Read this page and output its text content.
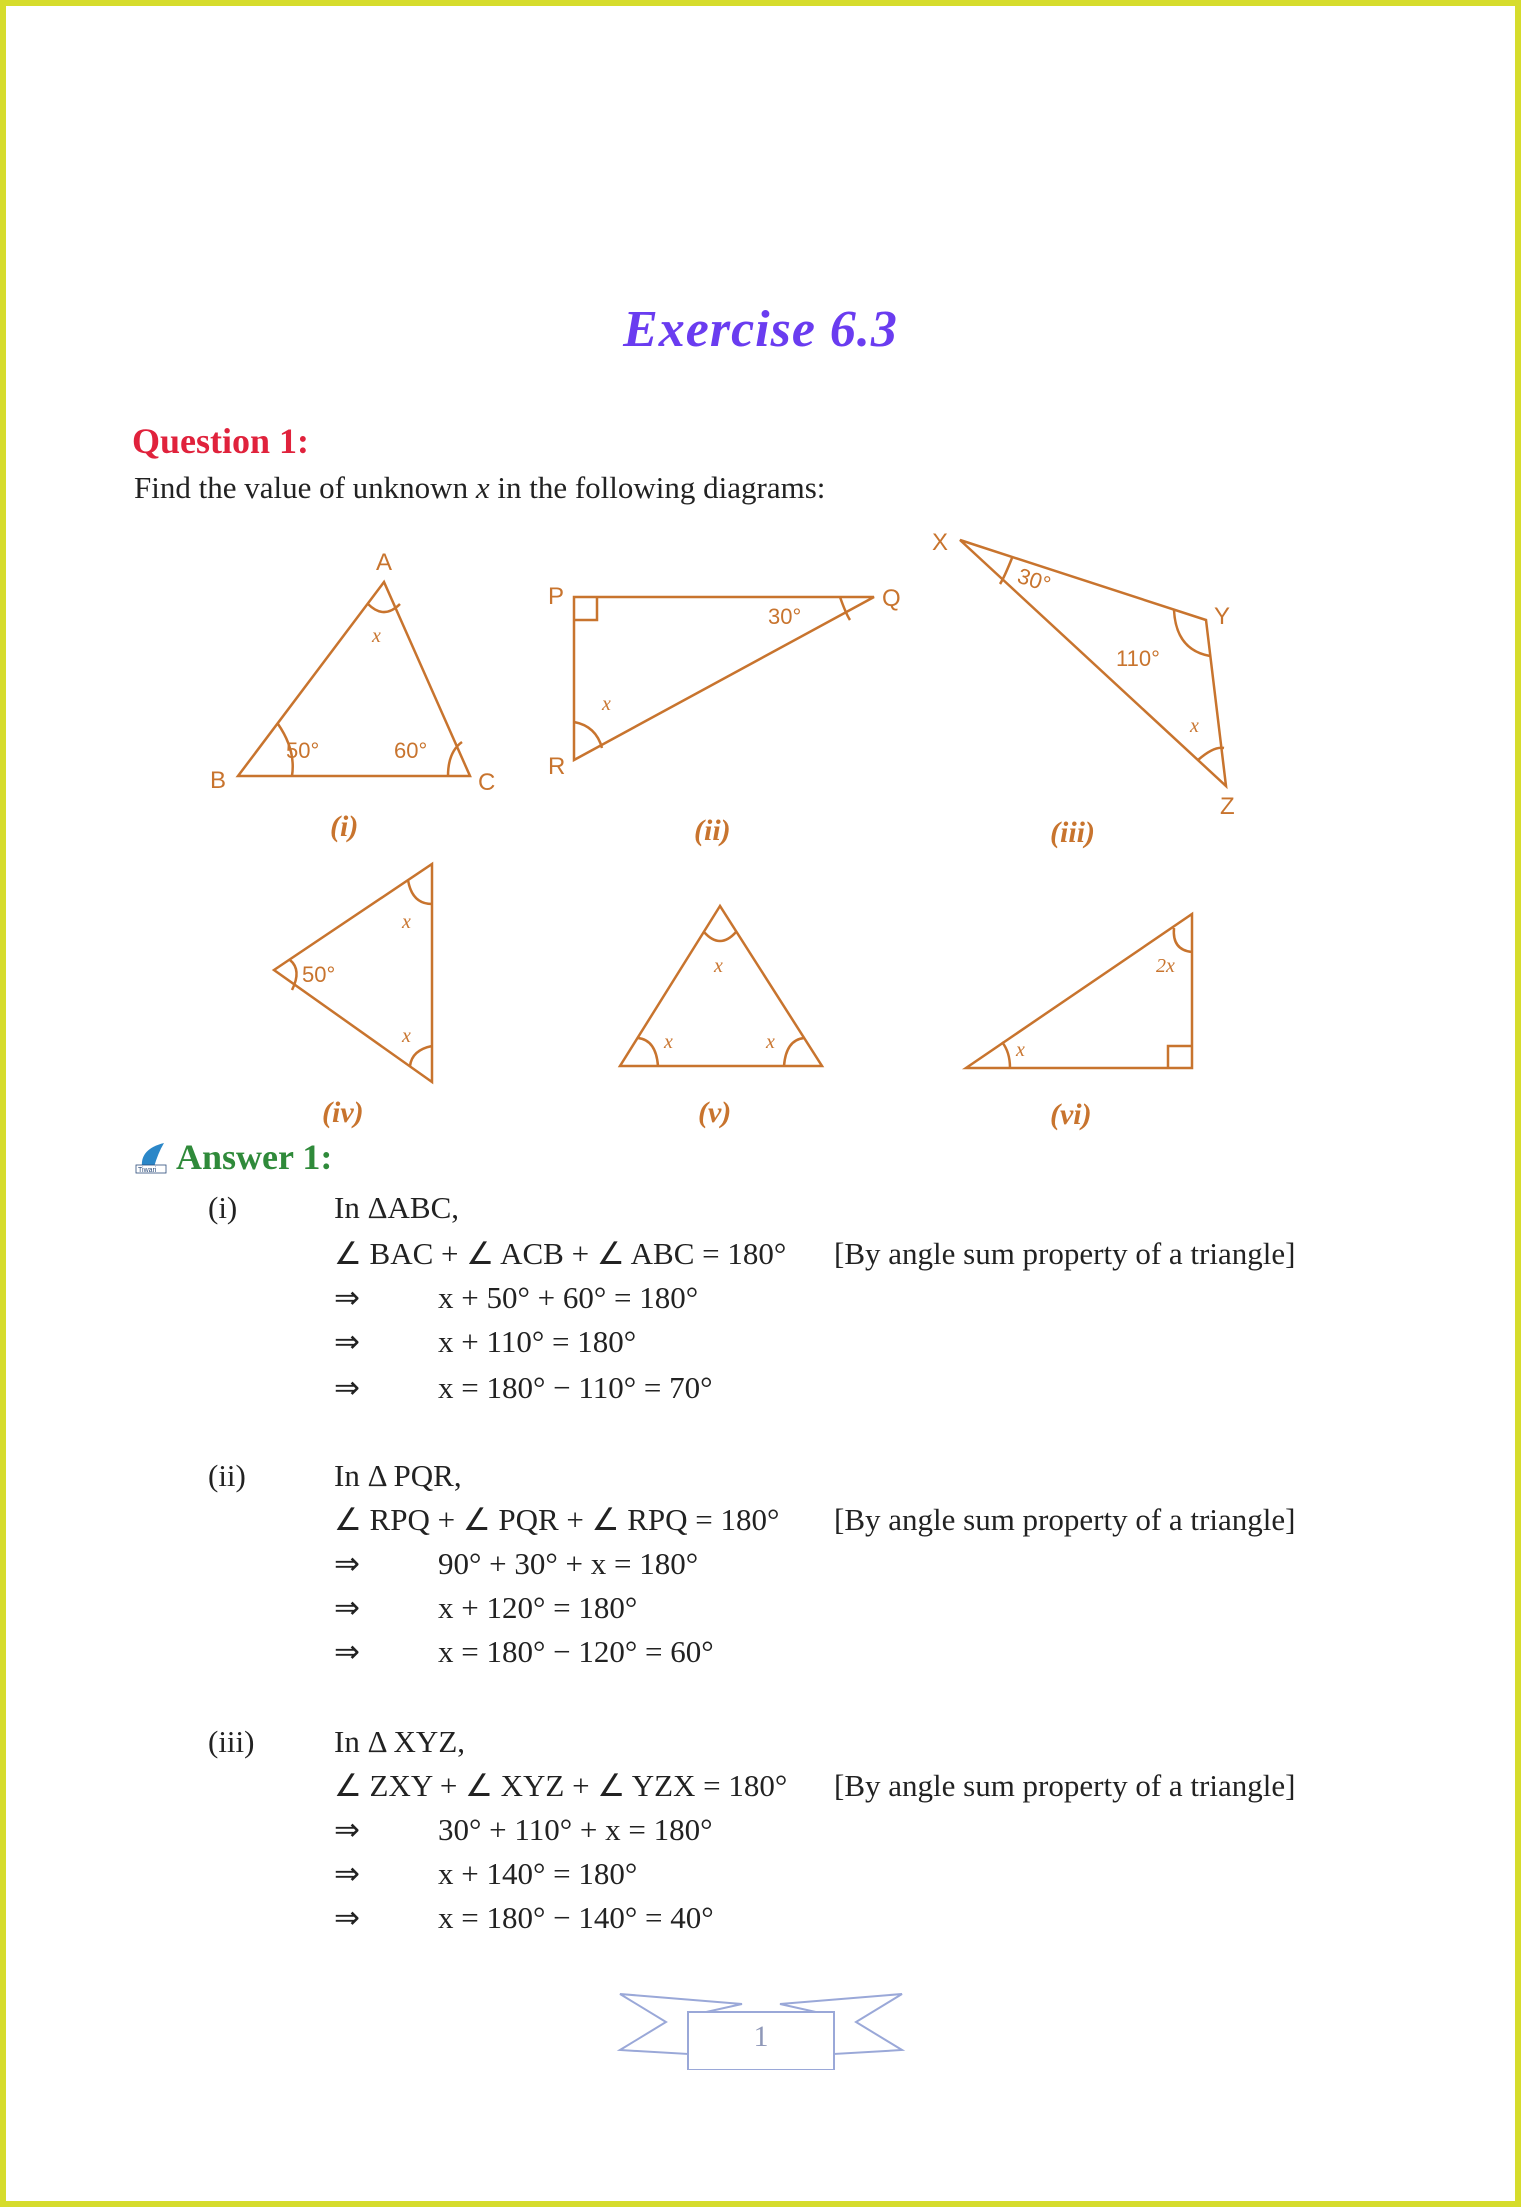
Exercise 6.3
Question 1:
Find the value of unknown x in the following diagrams:
A
B	C
x
50°	60°
(i)
P	Q
R
30°
x
(ii)
X
Y
Z
30°
110°
x
(iii)
50°
x
x
(iv)
x
x	x
(v)
2x
x
(vi)
Tiwari Answer 1:
(i)	In ΔABC,
∠ BAC + ∠ ACB + ∠ ABC = 180° [By angle sum property of a triangle]
⇒	x + 50° + 60° = 180°
⇒	x + 110° = 180°
⇒	x = 180° − 110° = 70°
(ii)	In Δ PQR,
∠ RPQ + ∠ PQR + ∠ RPQ = 180° [By angle sum property of a triangle]
⇒	90° + 30° + x = 180°
⇒	x + 120° = 180°
⇒	x = 180° − 120° = 60°
(iii)	In Δ XYZ,
∠ ZXY + ∠ XYZ + ∠ YZX = 180° [By angle sum property of a triangle]
⇒	30° + 110° + x = 180°
⇒	x + 140° = 180°
⇒	x = 180° − 140° = 40°
1
